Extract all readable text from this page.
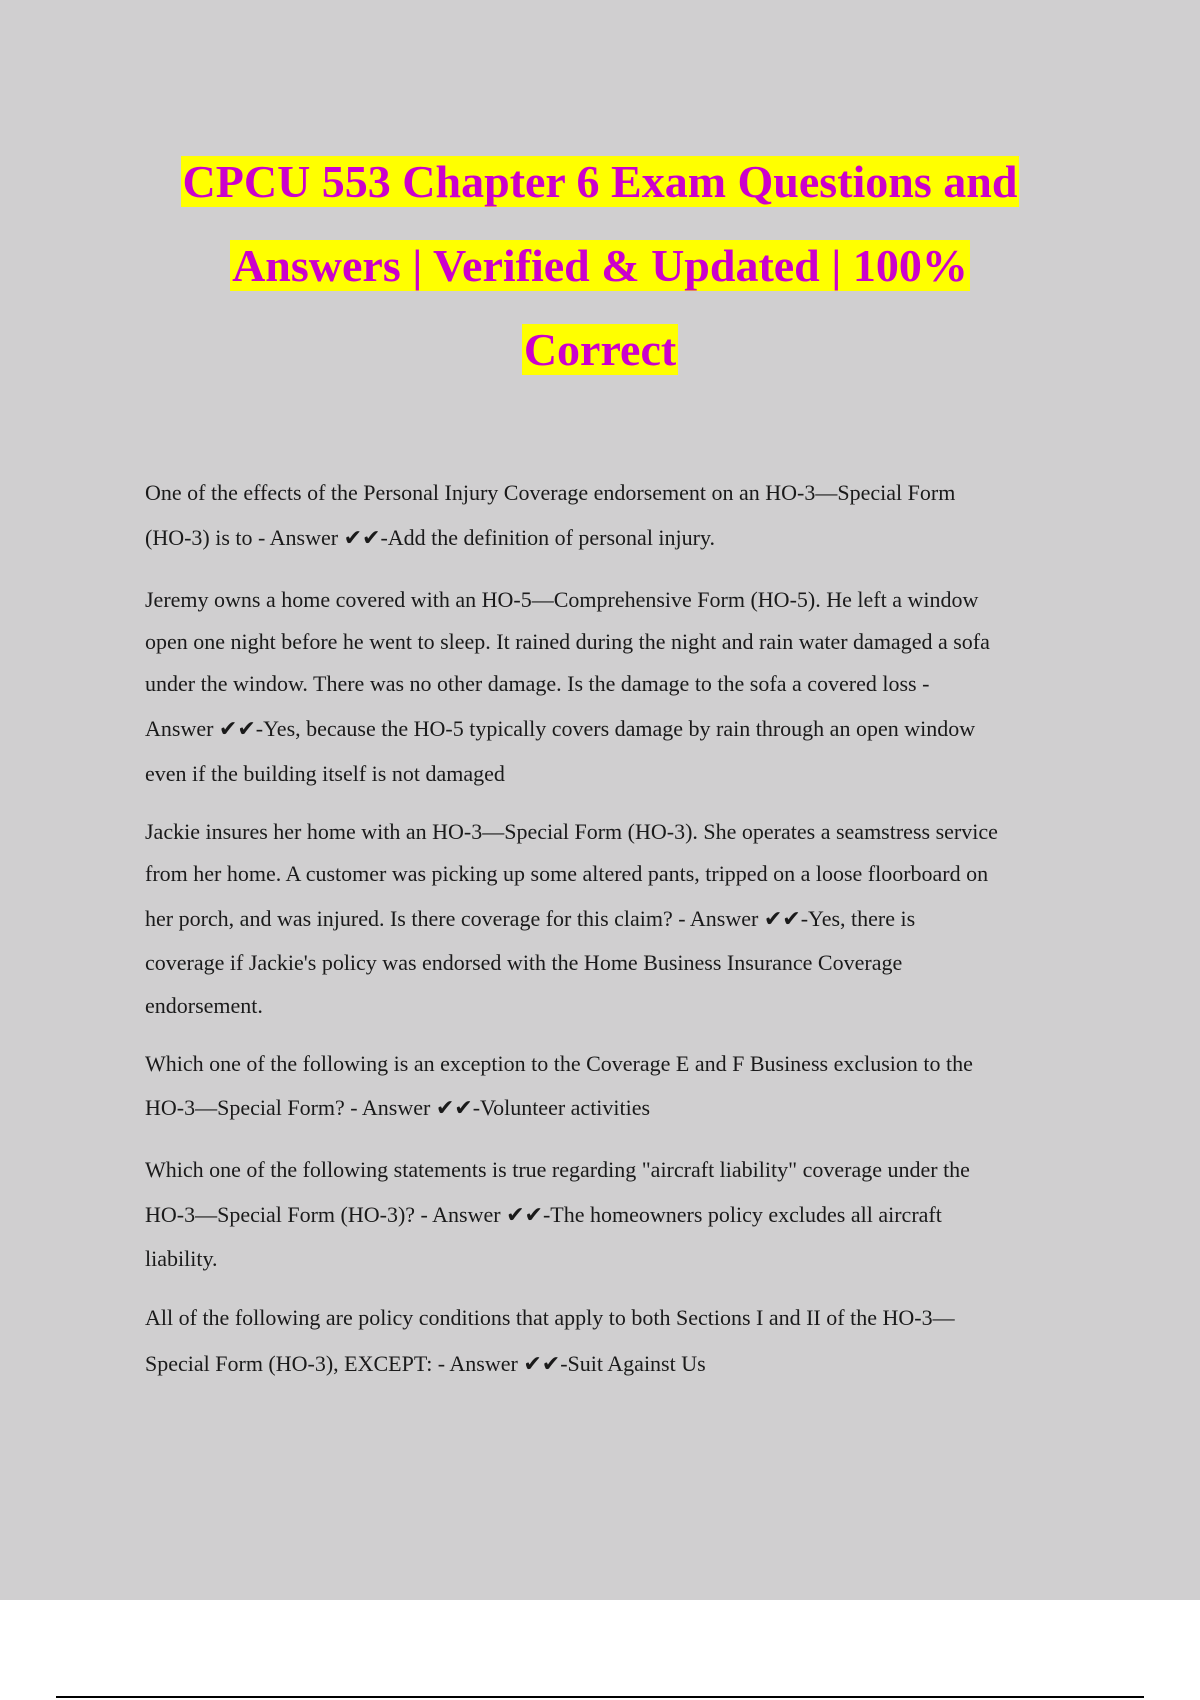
CPCU 553 Chapter 6 Exam Questions and
Answers | Verified & Updated | 100%
Correct
One of the effects of the Personal Injury Coverage endorsement on an HO-3—Special Form
(HO-3) is to - Answer ✔✔-Add the definition of personal injury.
Jeremy owns a home covered with an HO-5—Comprehensive Form (HO-5). He left a window
open one night before he went to sleep. It rained during the night and rain water damaged a sofa
under the window. There was no other damage. Is the damage to the sofa a covered loss -
Answer ✔✔-Yes, because the HO-5 typically covers damage by rain through an open window
even if the building itself is not damaged
Jackie insures her home with an HO-3—Special Form (HO-3). She operates a seamstress service
from her home. A customer was picking up some altered pants, tripped on a loose floorboard on
her porch, and was injured. Is there coverage for this claim? - Answer ✔✔-Yes, there is
coverage if Jackie's policy was endorsed with the Home Business Insurance Coverage
endorsement.
Which one of the following is an exception to the Coverage E and F Business exclusion to the
HO-3—Special Form? - Answer ✔✔-Volunteer activities
Which one of the following statements is true regarding "aircraft liability" coverage under the
HO-3—Special Form (HO-3)? - Answer ✔✔-The homeowners policy excludes all aircraft
liability.
All of the following are policy conditions that apply to both Sections I and II of the HO-3—
Special Form (HO-3), EXCEPT: - Answer ✔✔-Suit Against Us
